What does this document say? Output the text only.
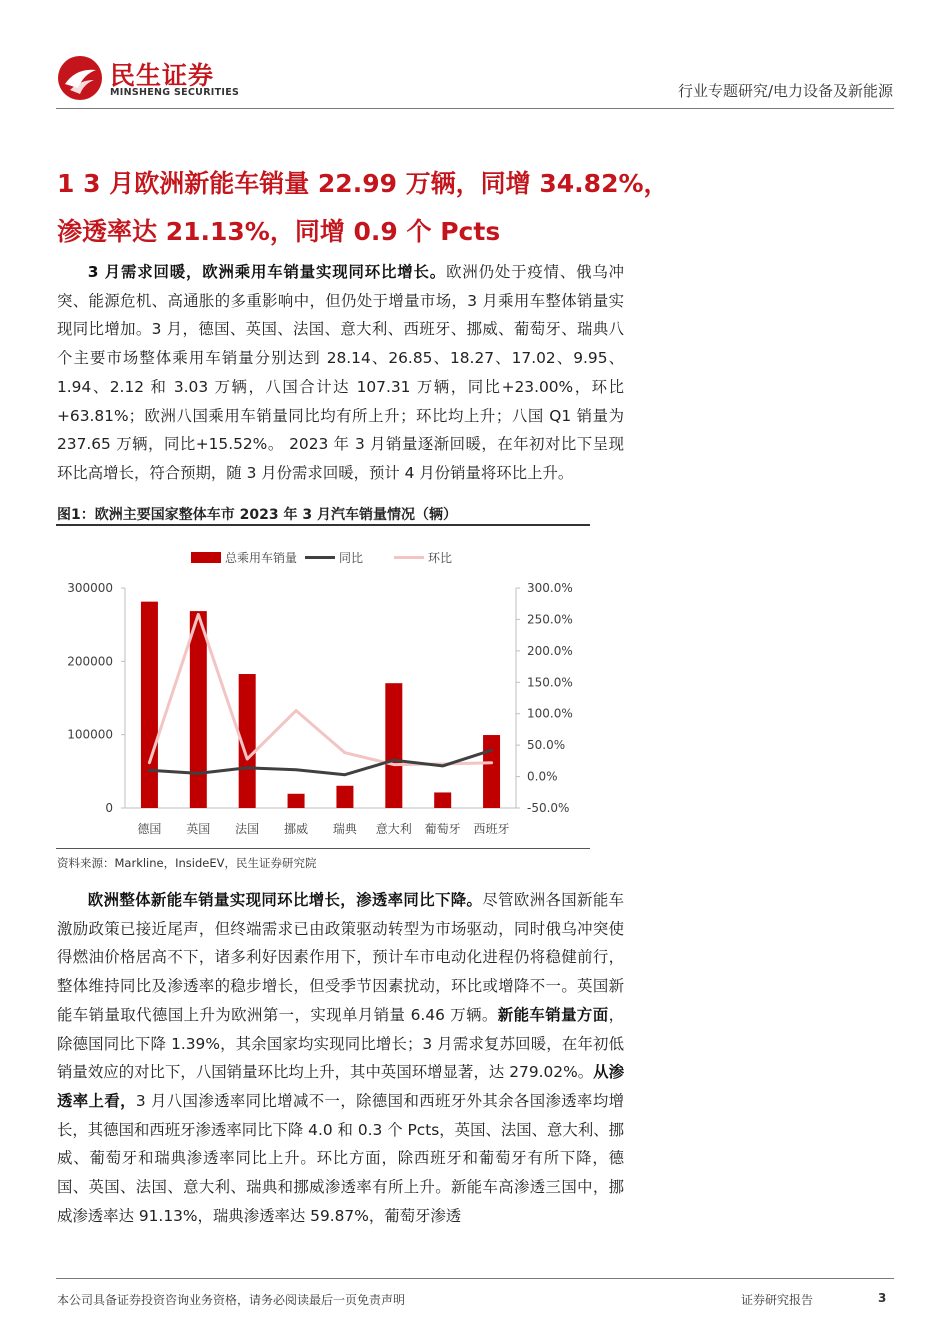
民生证券
MINSHENG SECURITIES	行业专题研究/电力设备及新能源
1 3 月欧洲新能车销量 22.99 万辆，同增 34.82%，
渗透率达 21.13%，同增 0.9 个 Pcts
3 月需求回暖，欧洲乘用车销量实现同环比增长。欧洲仍处于疫情、俄乌冲突、能源危机、高通胀的多重影响中，但仍处于增量市场，3 月乘用车整体销量实现同比增加。3 月，德国、英国、法国、意大利、西班牙、挪威、葡萄牙、瑞典八个主要市场整体乘用车销量分别达到 28.14、26.85、18.27、17.02、9.95、1.94、2.12 和 3.03 万辆，八国合计达 107.31 万辆，同比+23.00%，环比+63.81%；欧洲八国乘用车销量同比均有所上升；环比均上升；八国 Q1 销量为 237.65 万辆，同比+15.52%。 2023 年 3 月销量逐渐回暖，在年初对比下呈现环比高增长，符合预期，随 3 月份需求回暖，预计 4 月份销量将环比上升。
图1：欧洲主要国家整体车市 2023 年 3 月汽车销量情况（辆）
总乘用车销量	同比	环比
0
100000
200000
300000
-50.0%
0.0%
50.0%
100.0%
150.0%
200.0%
250.0%
300.0%
德国 英国 法国 挪威 瑞典 意大利 葡萄牙 西班牙
资料来源：Markline，InsideEV，民生证券研究院
欧洲整体新能车销量实现同环比增长，渗透率同比下降。尽管欧洲各国新能车激励政策已接近尾声，但终端需求已由政策驱动转型为市场驱动，同时俄乌冲突使得燃油价格居高不下，诸多利好因素作用下，预计车市电动化进程仍将稳健前行，整体维持同比及渗透率的稳步增长，但受季节因素扰动，环比或增降不一。英国新能车销量取代德国上升为欧洲第一，实现单月销量 6.46 万辆。新能车销量方面，除德国同比下降 1.39%，其余国家均实现同比增长；3 月需求复苏回暖，在年初低销量效应的对比下，八国销量环比均上升，其中英国环增显著，达 279.02%。从渗透率上看，3 月八国渗透率同比增减不一，除德国和西班牙外其余各国渗透率均增长，其德国和西班牙渗透率同比下降 4.0 和 0.3 个 Pcts，英国、法国、意大利、挪威、葡萄牙和瑞典渗透率同比上升。环比方面，除西班牙和葡萄牙有所下降，德国、英国、法国、意大利、瑞典和挪威渗透率有所上升。新能车高渗透三国中，挪威渗透率达 91.13%，瑞典渗透率达 59.87%，葡萄牙渗透
本公司具备证券投资咨询业务资格，请务必阅读最后一页免责声明	证券研究报告	3
